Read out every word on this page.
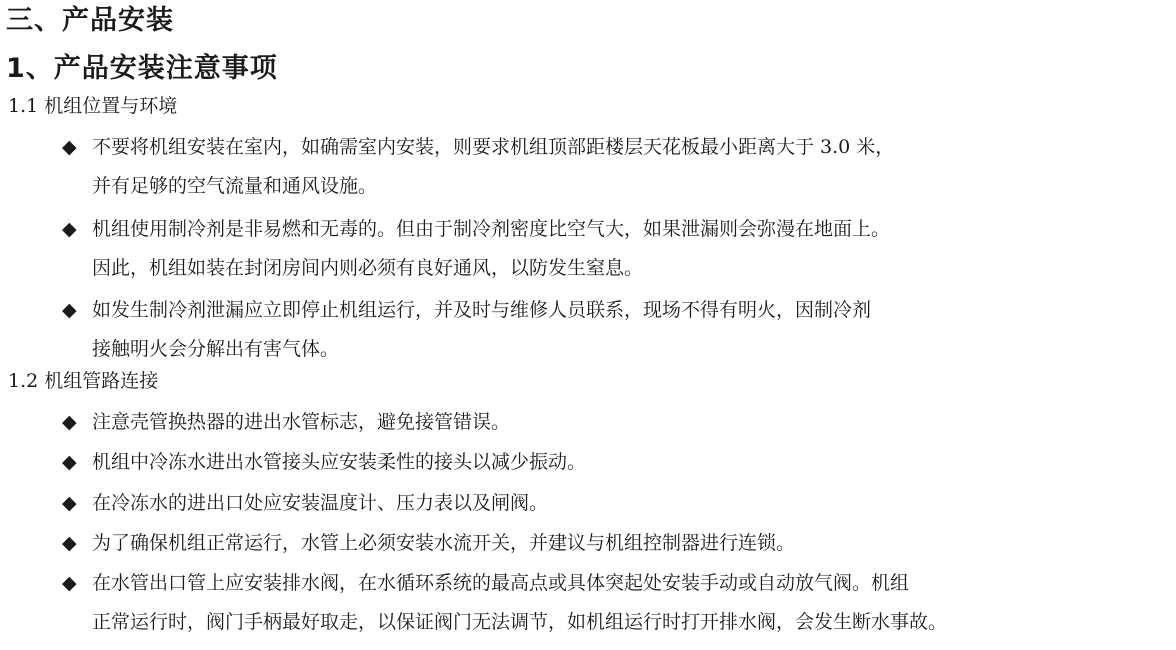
三、产品安装
1、产品安装注意事项
1.1 机组位置与环境
◆ 不要将机组安装在室内，如确需室内安装，则要求机组顶部距楼层天花板最小距离大于 3.0 米，
并有足够的空气流量和通风设施。
◆ 机组使用制冷剂是非易燃和无毒的。但由于制冷剂密度比空气大，如果泄漏则会弥漫在地面上。
因此，机组如装在封闭房间内则必须有良好通风，以防发生窒息。
◆ 如发生制冷剂泄漏应立即停止机组运行，并及时与维修人员联系，现场不得有明火，因制冷剂
接触明火会分解出有害气体。
1.2 机组管路连接
◆ 注意壳管换热器的进出水管标志，避免接管错误。
◆ 机组中冷冻水进出水管接头应安装柔性的接头以减少振动。
◆ 在冷冻水的进出口处应安装温度计、压力表以及闸阀。
◆ 为了确保机组正常运行，水管上必须安装水流开关，并建议与机组控制器进行连锁。
◆ 在水管出口管上应安装排水阀，在水循环系统的最高点或具体突起处安装手动或自动放气阀。机组
正常运行时，阀门手柄最好取走，以保证阀门无法调节，如机组运行时打开排水阀，会发生断水事故。
